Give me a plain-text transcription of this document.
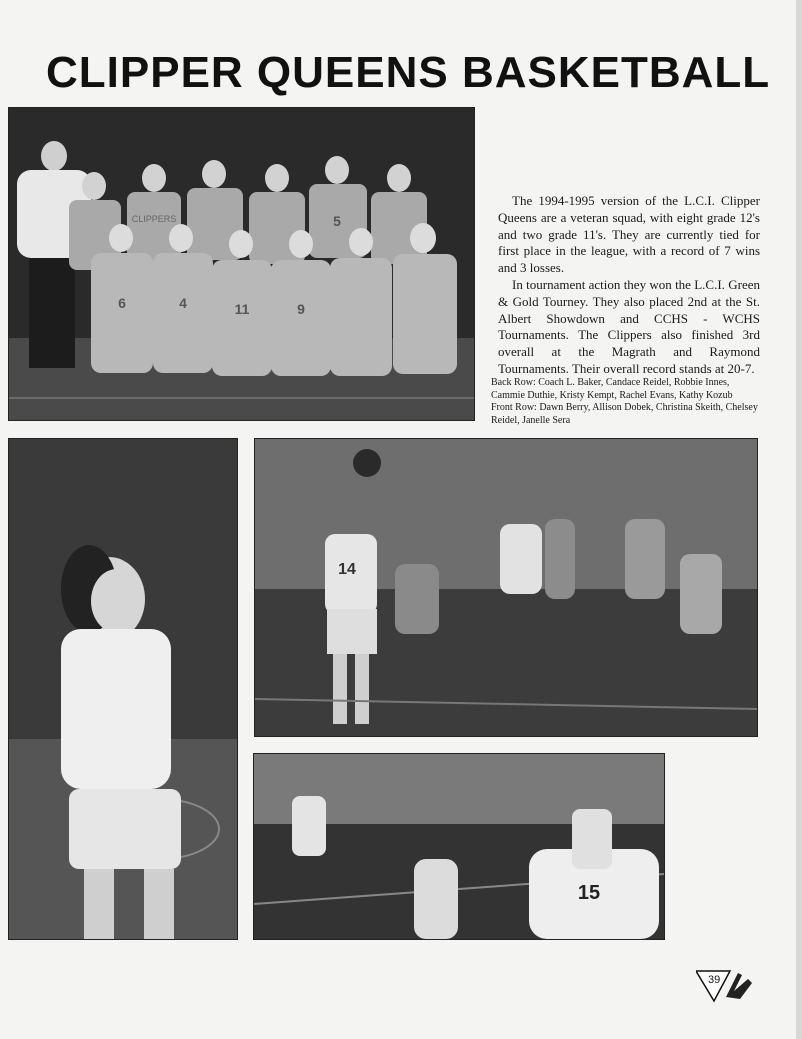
CLIPPER QUEENS BASKETBALL
6	4	11	9
5
CLIPPERS

The 1994-1995 version of the L.C.I. Clipper Queens are a veteran squad, with eight grade 12's and two grade 11's. They are currently tied for first place in the league, with a record of 7 wins and 3 losses.

In tournament action they won the L.C.I. Green & Gold Tourney. They also placed 2nd at the St. Albert Showdown and CCHS - WCHS Tournaments. The Clippers also finished 3rd overall at the Magrath and Raymond Tournaments. Their overall record stands at 20-7.

Back Row: Coach L. Baker, Candace Reidel, Robbie Innes, Cammie Duthie, Kristy Kempt, Rachel Evans, Kathy Kozub

Front Row: Dawn Berry, Allison Dobek, Christina Skeith, Chelsey Reidel, Janelle Sera

14
15
39
